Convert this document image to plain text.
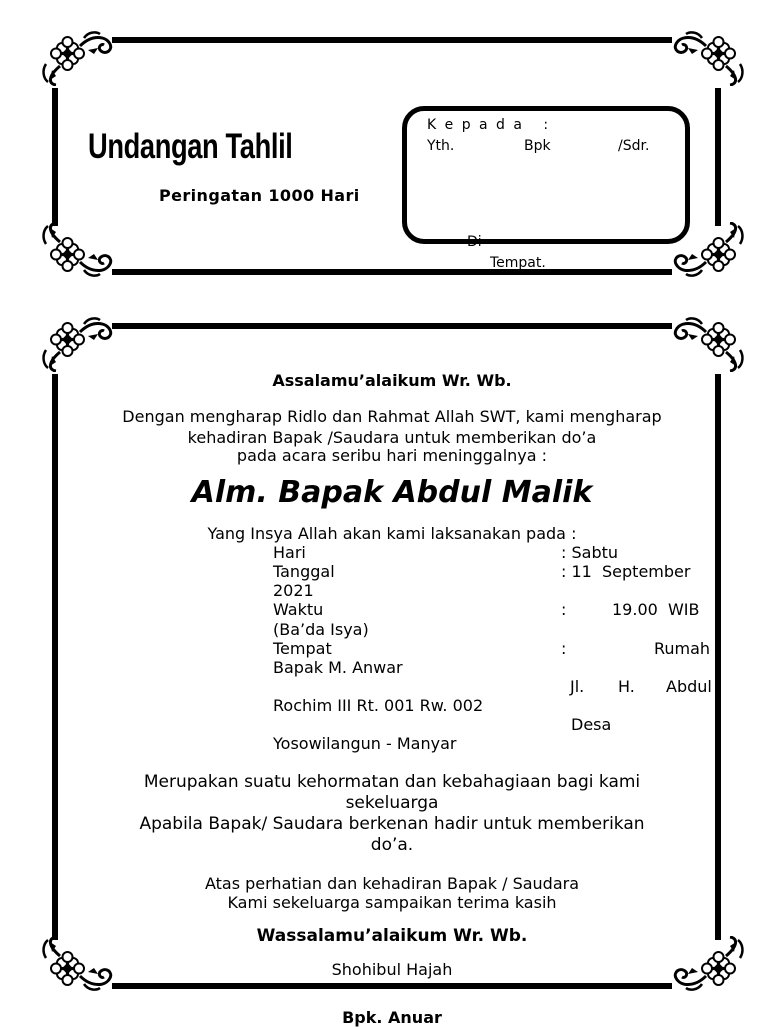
Undangan Tahlil
Peringatan 1000 Hari
K e p a d a   :
Yth.	Bpk	/Sdr.
Di
Tempat.
Assalamu’alaikum Wr. Wb.
Dengan mengharap Ridlo dan Rahmat Allah SWT, kami mengharap
kehadiran Bapak /Saudara untuk memberikan do’a
pada acara seribu hari meninggalnya :
Alm. Bapak Abdul Malik
Yang Insya Allah akan kami laksanakan pada :
Hari	: Sabtu
Tanggal	: 11  September
2021
Waktu	:	19.00  WIB
(Ba’da Isya)
Tempat	:	Rumah
Bapak M. Anwar
Jl. H. Abdul
Rochim III Rt. 001 Rw. 002
Desa
Yosowilangun - Manyar
Merupakan suatu kehormatan dan kebahagiaan bagi kami
sekeluarga
Apabila Bapak/ Saudara berkenan hadir untuk memberikan
do’a.
Atas perhatian dan kehadiran Bapak / Saudara
Kami sekeluarga sampaikan terima kasih
Wassalamu’alaikum Wr. Wb.
Shohibul Hajah
Bpk. Anuar
